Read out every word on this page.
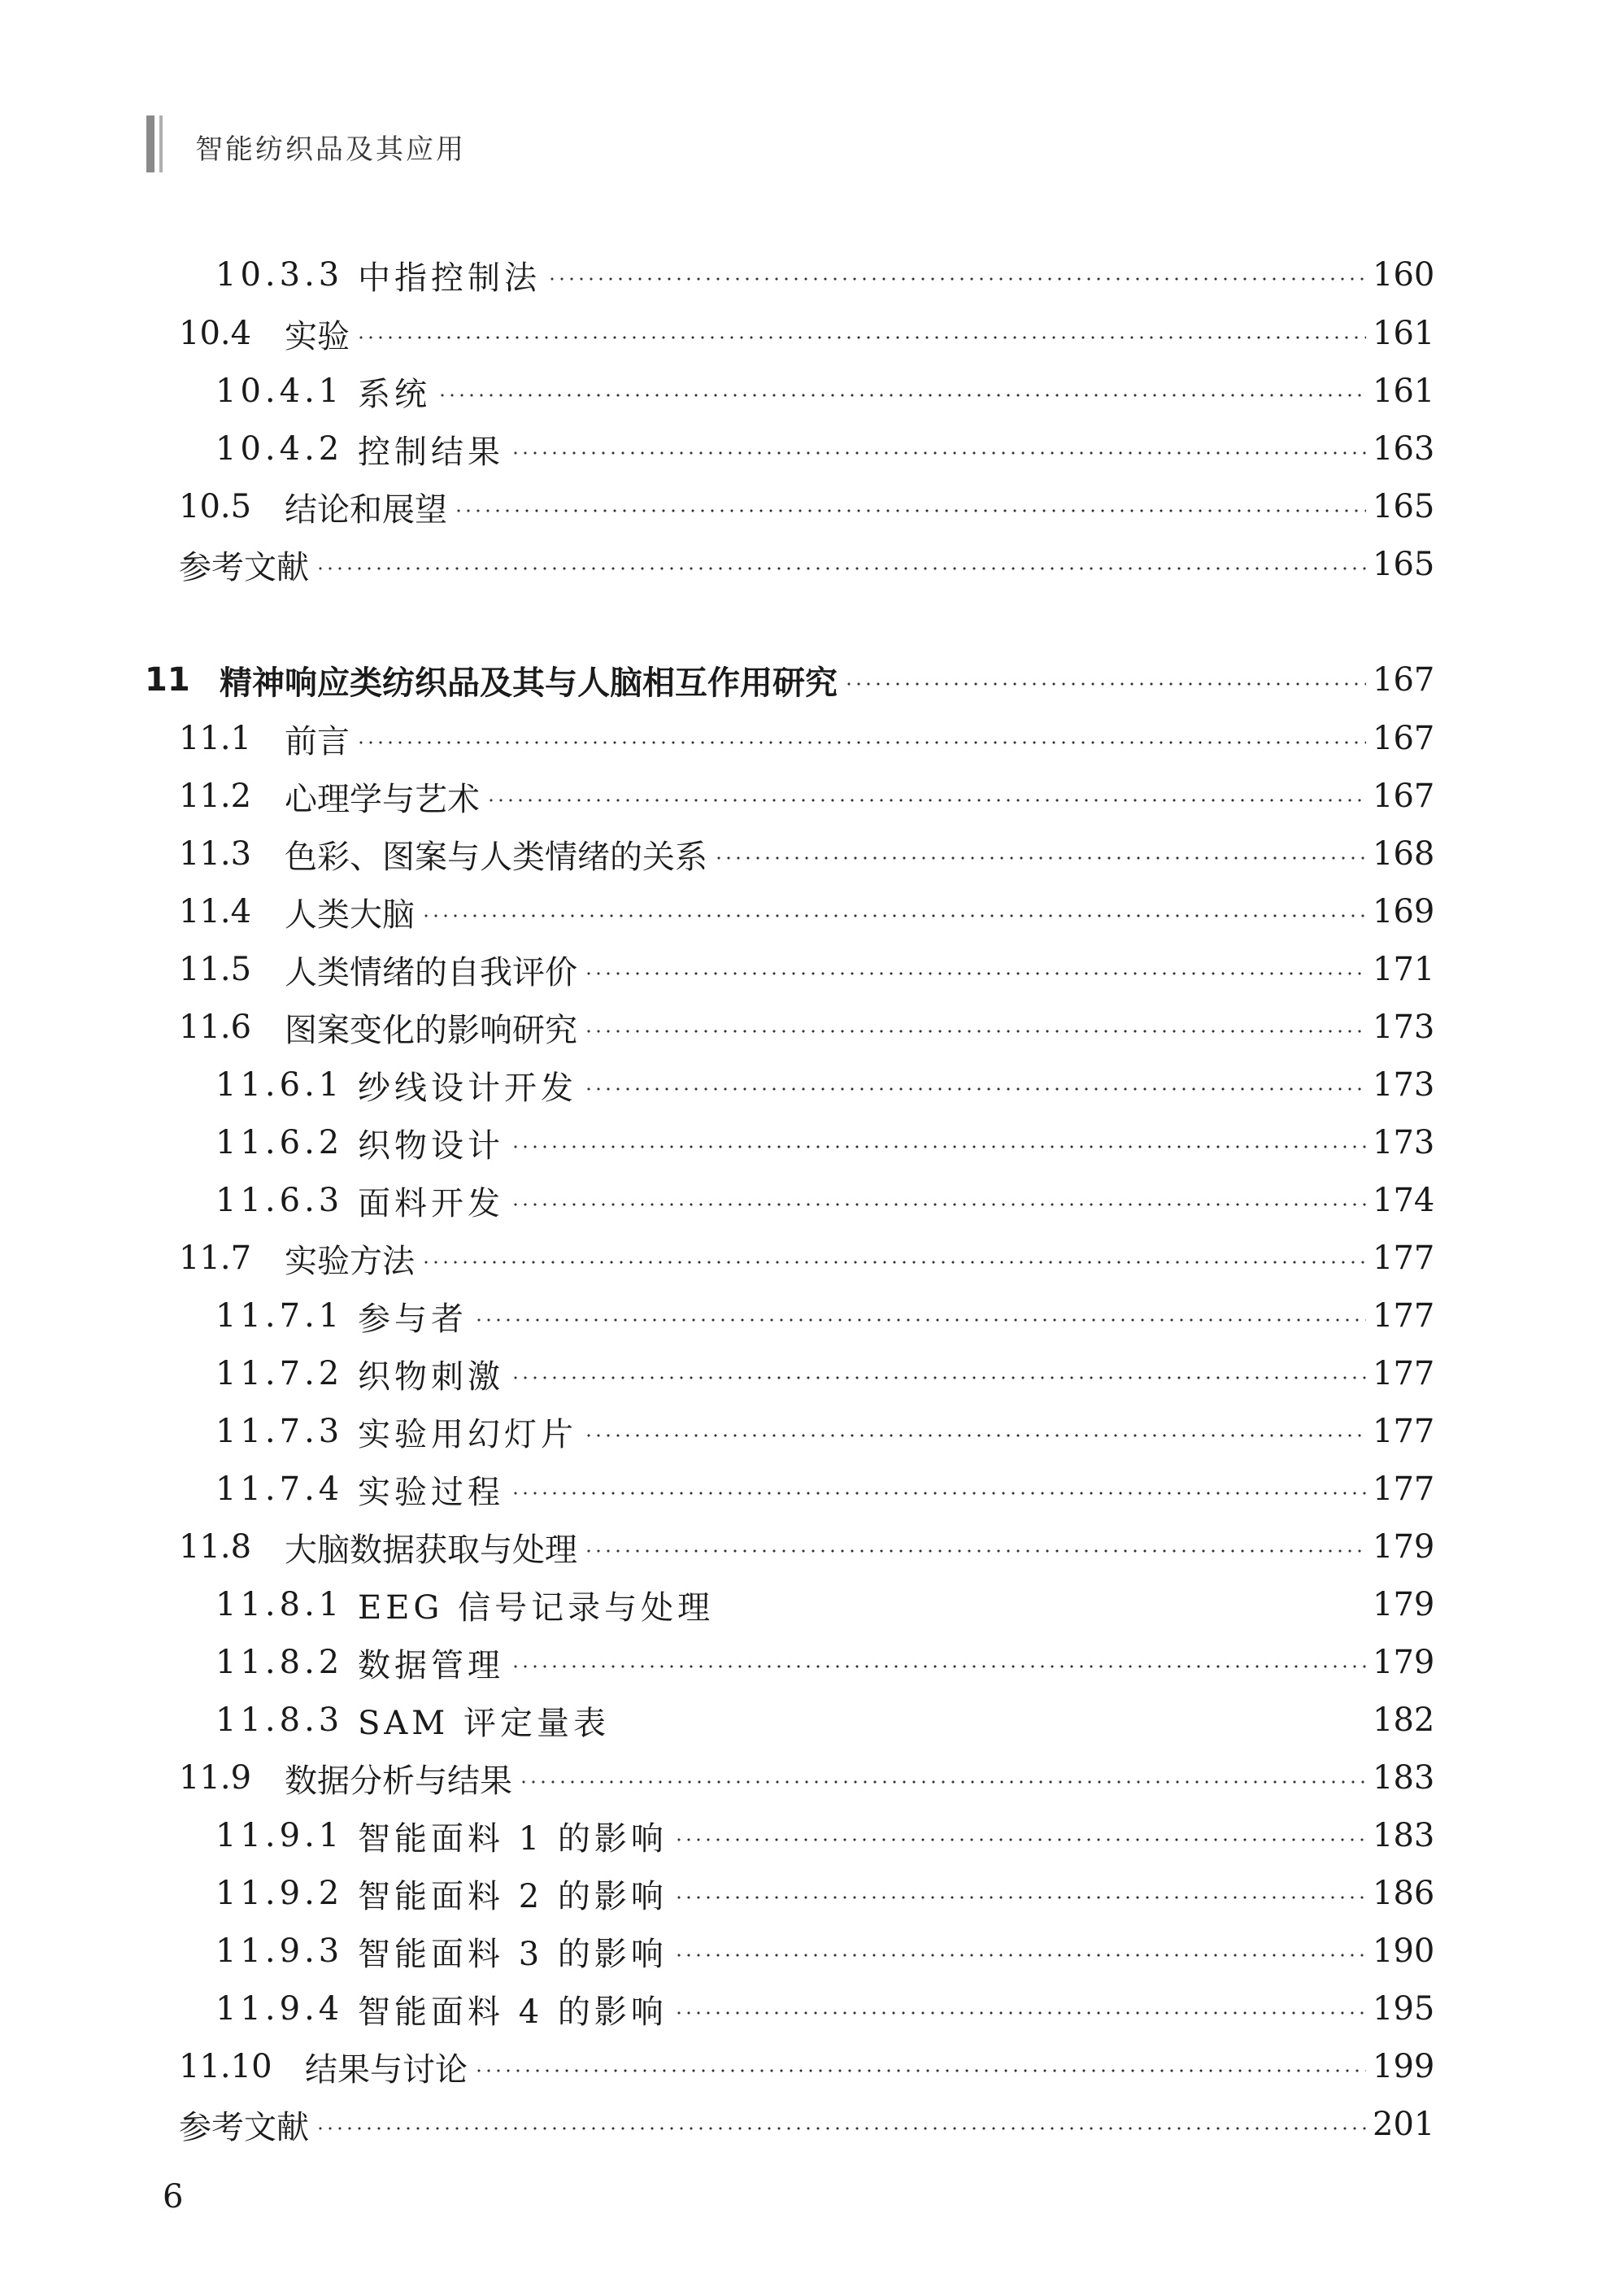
智能纺织品及其应用
10.3.3 中指控制法	160
10.4	实验	161
10.4.1 系统	161
10.4.2 控制结果	163
10.5	结论和展望	165
参考文献	165
11 精神响应类纺织品及其与人脑相互作用研究	167
11.1	前言	167
11.2	心理学与艺术	167
11.3	色彩、图案与人类情绪的关系	168
11.4	人类大脑	169
11.5	人类情绪的自我评价	171
11.6	图案变化的影响研究	173
11.6.1 纱线设计开发	173
11.6.2 织物设计	173
11.6.3 面料开发	174
11.7	实验方法	177
11.7.1 参与者	177
11.7.2 织物刺激	177
11.7.3 实验用幻灯片	177
11.7.4 实验过程	177
11.8	大脑数据获取与处理	179
11.8.1 EEG 信号记录与处理	179
11.8.2 数据管理	179
11.8.3 SAM 评定量表	182
11.9	数据分析与结果	183
11.9.1 智能面料 1 的影响	183
11.9.2 智能面料 2 的影响	186
11.9.3 智能面料 3 的影响	190
11.9.4 智能面料 4 的影响	195
11.10	结果与讨论	199
参考文献	201
6
